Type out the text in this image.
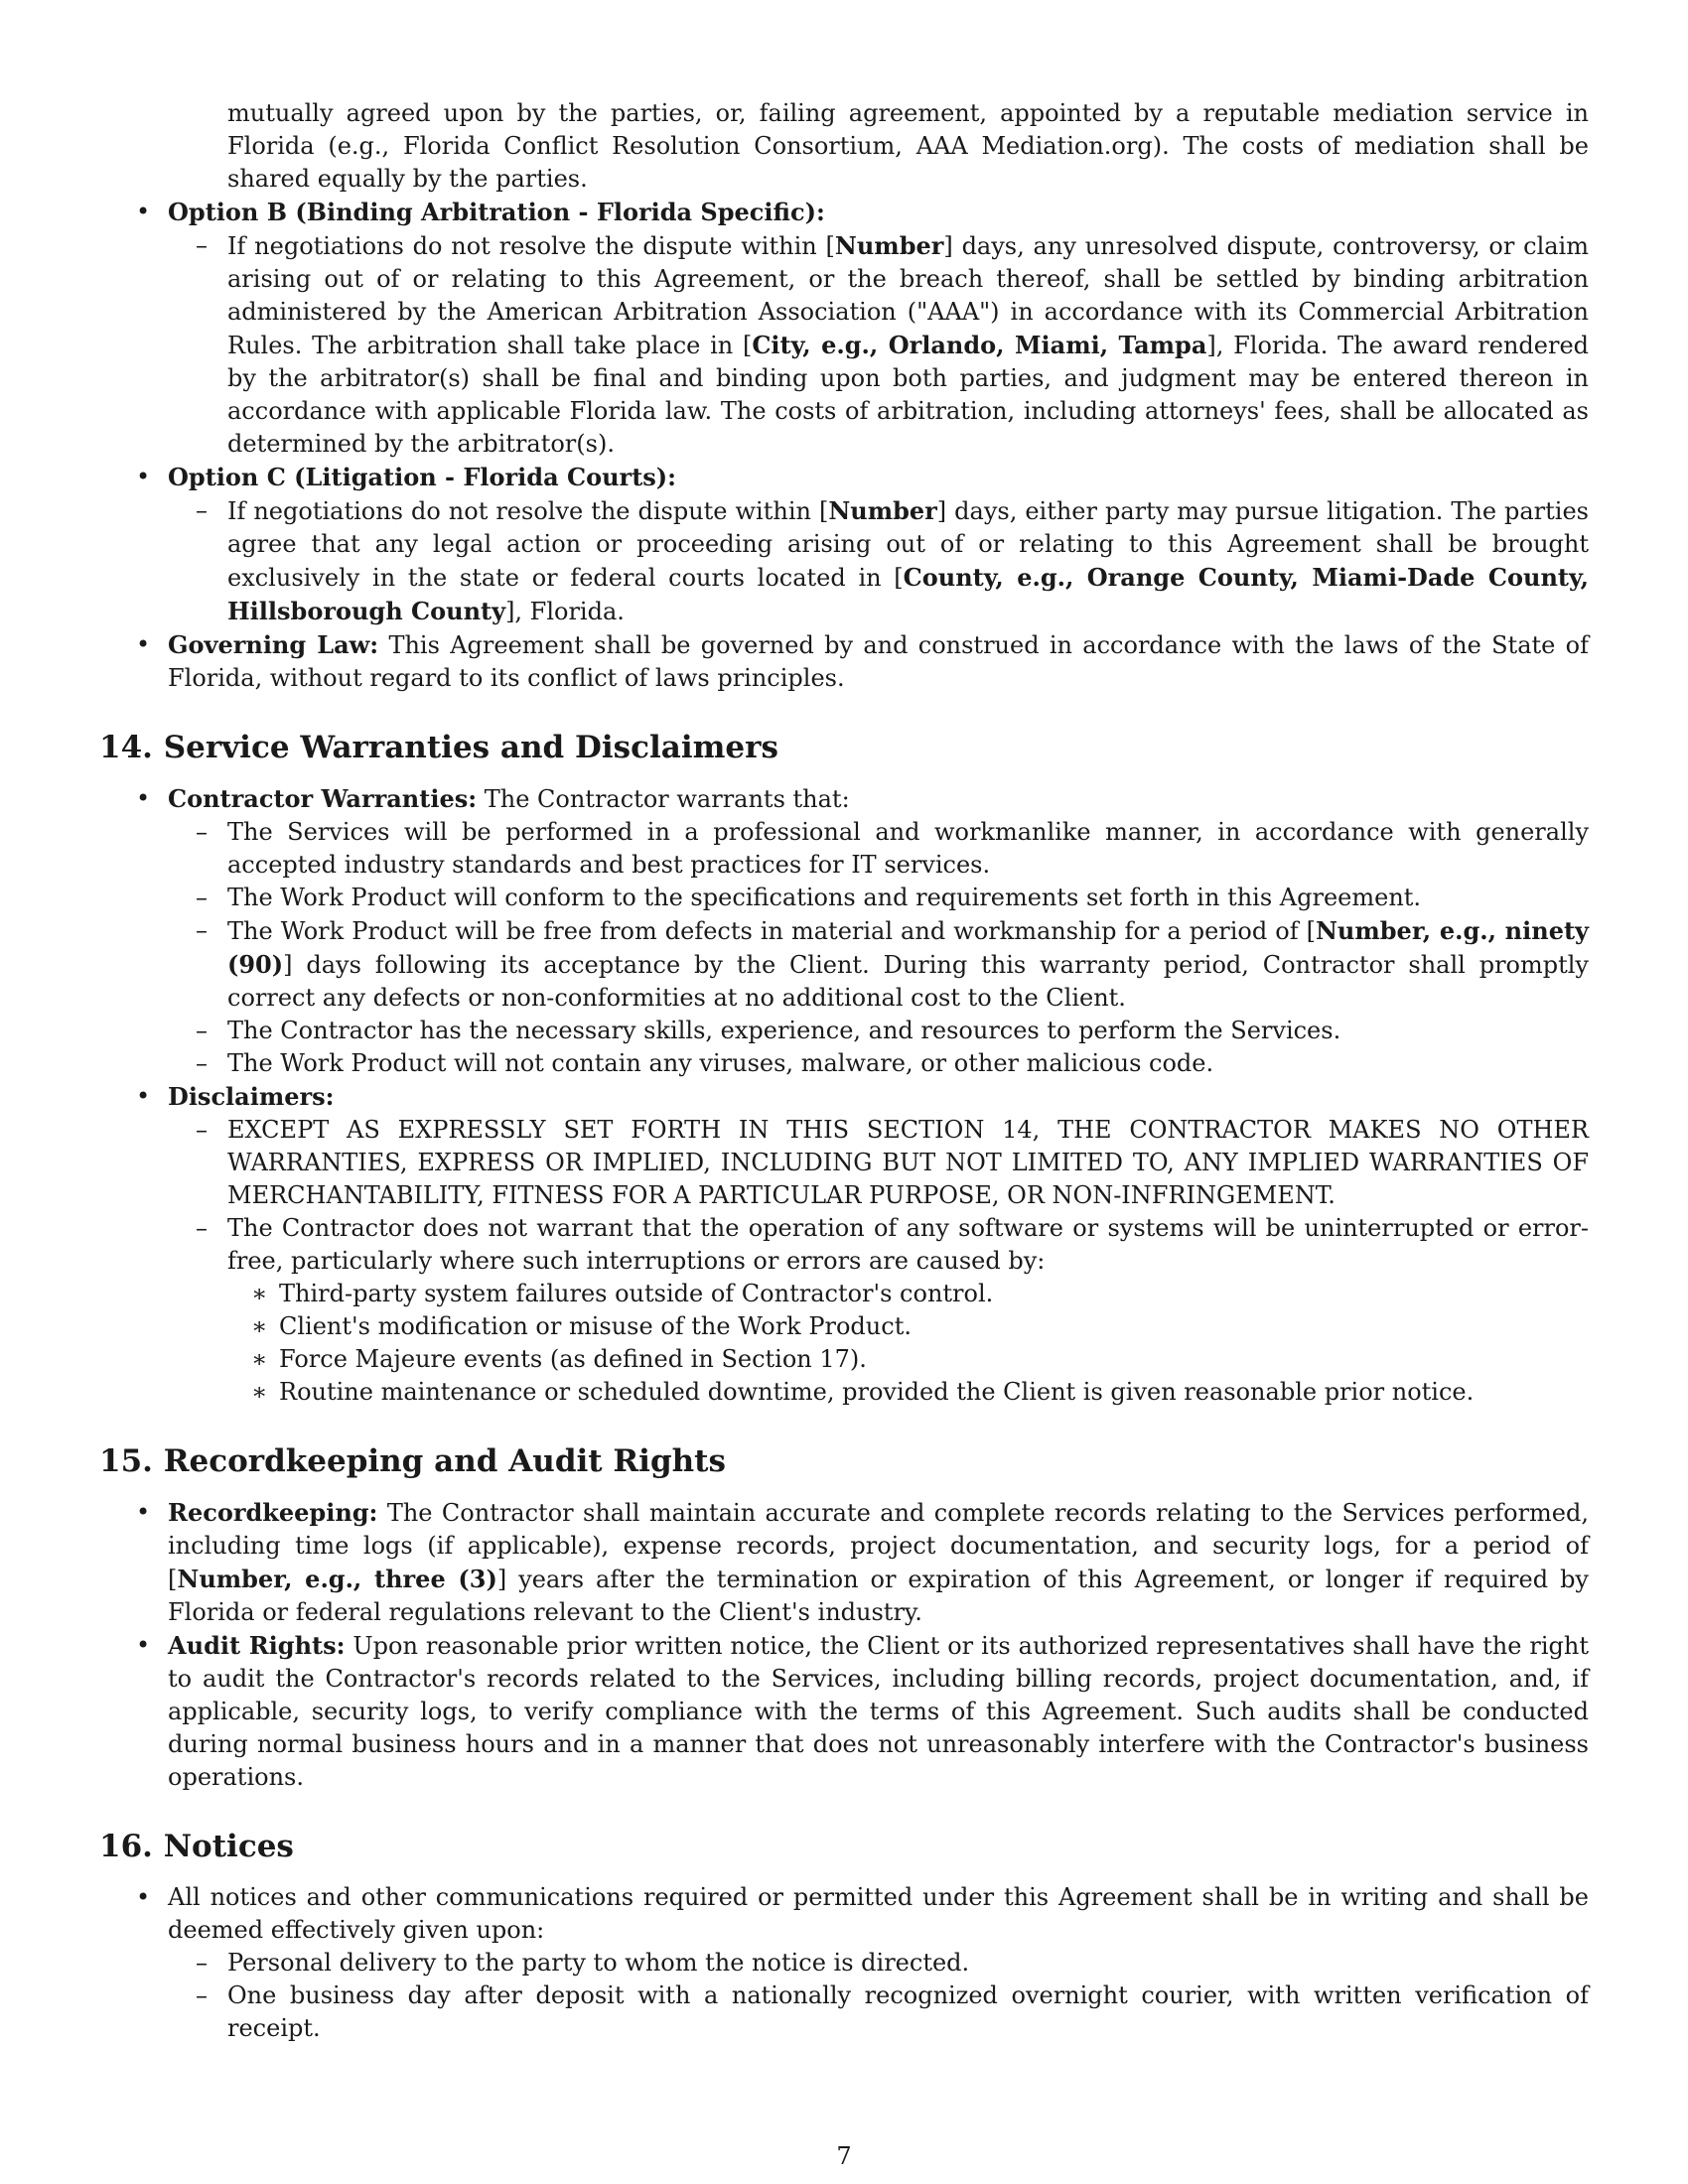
mutually agreed upon by the parties, or, failing agreement, appointed by a reputable mediation service in Florida (e.g., Florida Conflict Resolution Consortium, AAA Mediation.org). The costs of mediation shall be shared equally by the parties.
• Option B (Binding Arbitration - Florida Specific):
– If negotiations do not resolve the dispute within [Number] days, any unresolved dispute, controversy, or claim arising out of or relating to this Agreement, or the breach thereof, shall be settled by binding arbitration administered by the American Arbitration Association ("AAA") in accordance with its Commercial Arbitration Rules. The arbitration shall take place in [City, e.g., Orlando, Miami, Tampa], Florida. The award rendered by the arbitrator(s) shall be final and binding upon both parties, and judgment may be entered thereon in accordance with applicable Florida law. The costs of arbitration, including attorneys' fees, shall be allocated as determined by the arbitrator(s).
• Option C (Litigation - Florida Courts):
– If negotiations do not resolve the dispute within [Number] days, either party may pursue litigation. The parties agree that any legal action or proceeding arising out of or relating to this Agreement shall be brought exclusively in the state or federal courts located in [County, e.g., Orange County, Miami-Dade County, Hillsborough County], Florida.
• Governing Law: This Agreement shall be governed by and construed in accordance with the laws of the State of Florida, without regard to its conflict of laws principles.
14. Service Warranties and Disclaimers
• Contractor Warranties: The Contractor warrants that:
– The Services will be performed in a professional and workmanlike manner, in accordance with generally accepted industry standards and best practices for IT services.
– The Work Product will conform to the specifications and requirements set forth in this Agreement.
– The Work Product will be free from defects in material and workmanship for a period of [Number, e.g., ninety (90)] days following its acceptance by the Client. During this warranty period, Contractor shall promptly correct any defects or non-conformities at no additional cost to the Client.
– The Contractor has the necessary skills, experience, and resources to perform the Services.
– The Work Product will not contain any viruses, malware, or other malicious code.
• Disclaimers:
– EXCEPT AS EXPRESSLY SET FORTH IN THIS SECTION 14, THE CONTRACTOR MAKES NO OTHER WARRANTIES, EXPRESS OR IMPLIED, INCLUDING BUT NOT LIMITED TO, ANY IMPLIED WARRANTIES OF MERCHANTABILITY, FITNESS FOR A PARTICULAR PURPOSE, OR NON-INFRINGEMENT.
– The Contractor does not warrant that the operation of any software or systems will be uninterrupted or error-free, particularly where such interruptions or errors are caused by:
∗ Third-party system failures outside of Contractor's control.
∗ Client's modification or misuse of the Work Product.
∗ Force Majeure events (as defined in Section 17).
∗ Routine maintenance or scheduled downtime, provided the Client is given reasonable prior notice.
15. Recordkeeping and Audit Rights
• Recordkeeping: The Contractor shall maintain accurate and complete records relating to the Services performed, including time logs (if applicable), expense records, project documentation, and security logs, for a period of [Number, e.g., three (3)] years after the termination or expiration of this Agreement, or longer if required by Florida or federal regulations relevant to the Client's industry.
• Audit Rights: Upon reasonable prior written notice, the Client or its authorized representatives shall have the right to audit the Contractor's records related to the Services, including billing records, project documentation, and, if applicable, security logs, to verify compliance with the terms of this Agreement. Such audits shall be conducted during normal business hours and in a manner that does not unreasonably interfere with the Contractor's business operations.
16. Notices
• All notices and other communications required or permitted under this Agreement shall be in writing and shall be deemed effectively given upon:
– Personal delivery to the party to whom the notice is directed.
– One business day after deposit with a nationally recognized overnight courier, with written verification of receipt.
7
